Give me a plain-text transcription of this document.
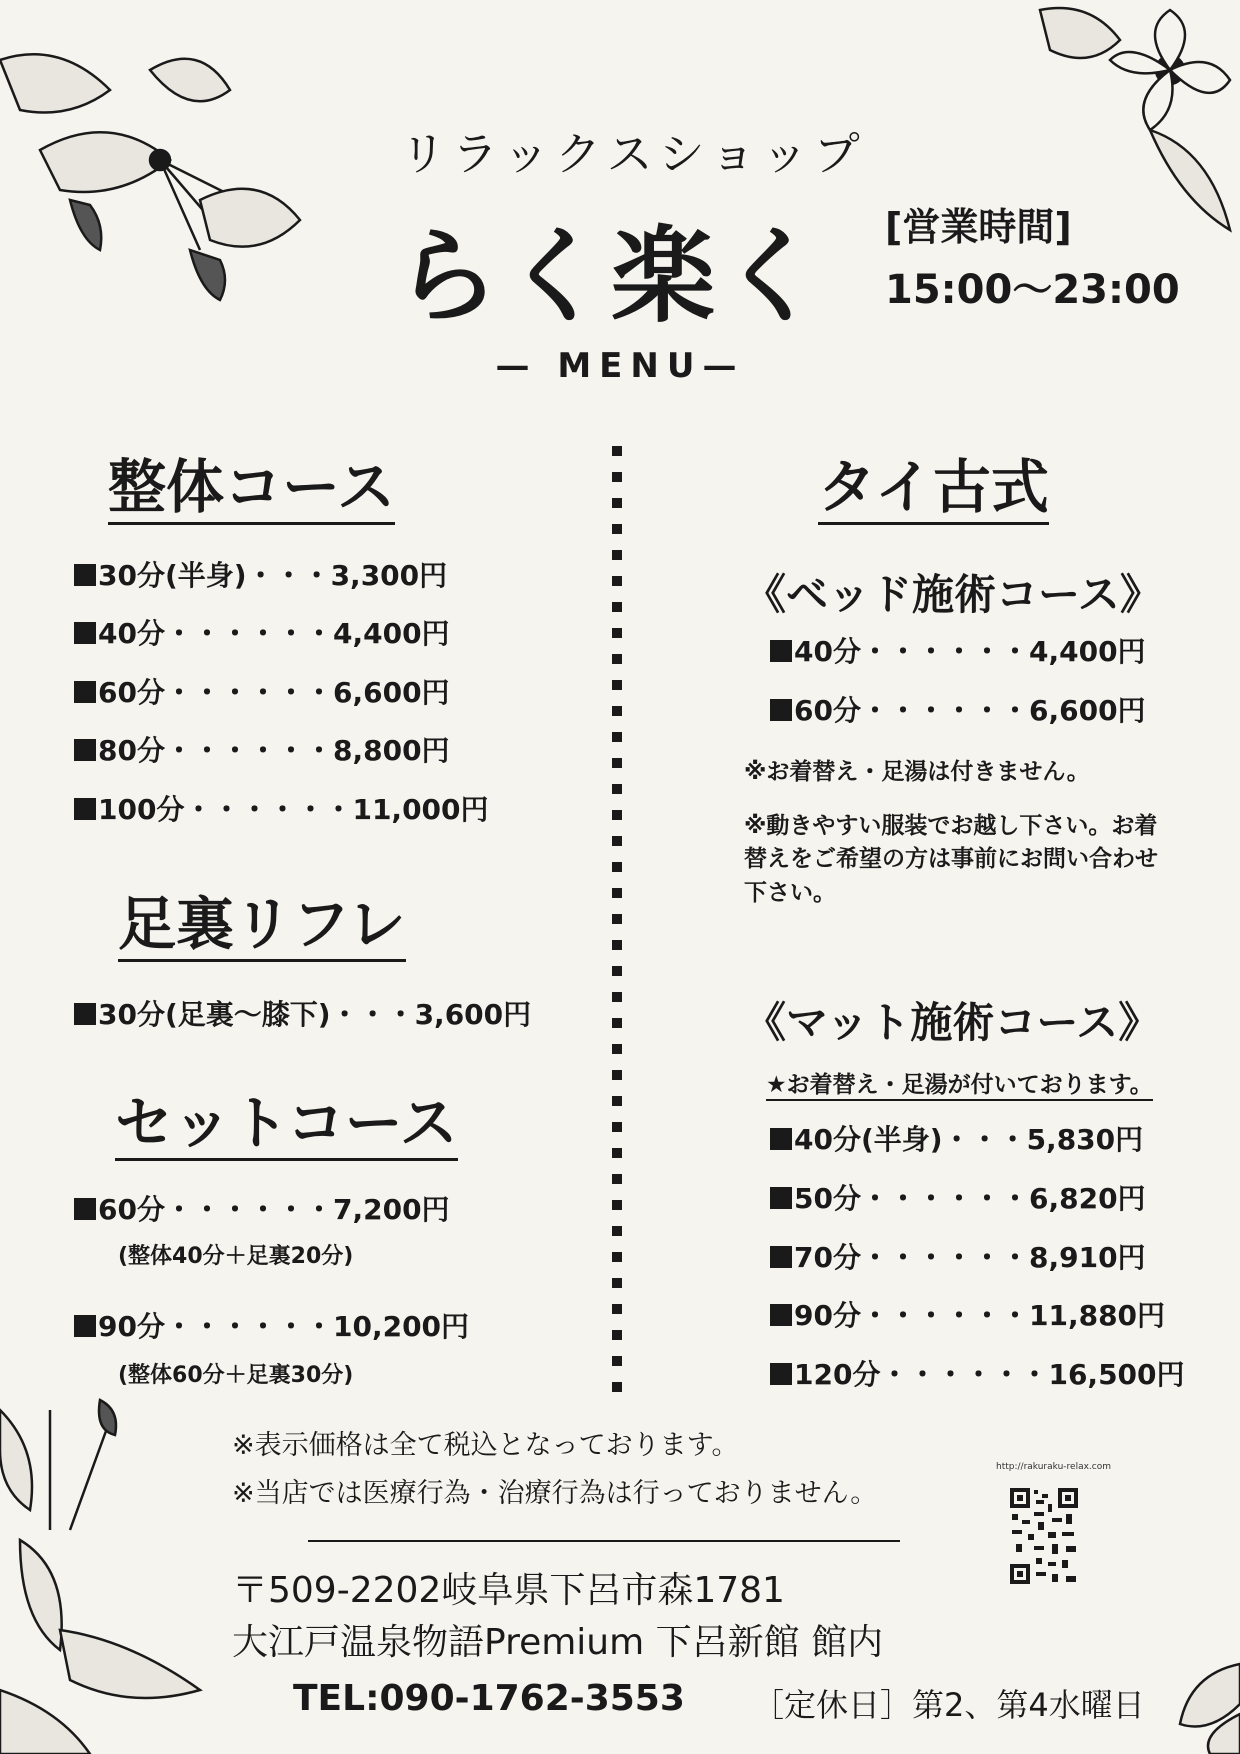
リラックスショップ
らく楽く [営業時間]
15:00〜23:00
— MENU—
整体コース
30分(半身)・・・3,300円
40分・・・・・・4,400円
60分・・・・・・6,600円
80分・・・・・・8,800円
100分・・・・・・11,000円
足裏リフレ
30分(足裏〜膝下)・・・3,600円
セットコース
60分・・・・・・7,200円
(整体40分＋足裏20分)
90分・・・・・・10,200円
(整体60分＋足裏30分)
タイ古式
《ベッド施術コース》
40分・・・・・・4,400円
60分・・・・・・6,600円
※お着替え・足湯は付きません。
※動きやすい服装でお越し下さい。お着
替えをご希望の方は事前にお問い合わせ
下さい。
《マット施術コース》
★お着替え・足湯が付いております。
40分(半身)・・・5,830円
50分・・・・・・6,820円
70分・・・・・・8,910円
90分・・・・・・11,880円
120分・・・・・・16,500円
※表示価格は全て税込となっております。
※当店では医療行為・治療行為は行っておりません。
〒509-2202岐阜県下呂市森1781
大江戸温泉物語Premium 下呂新館 館内
TEL:090-1762-3553 ［定休日］第2、第4水曜日
http://rakuraku-relax.com
